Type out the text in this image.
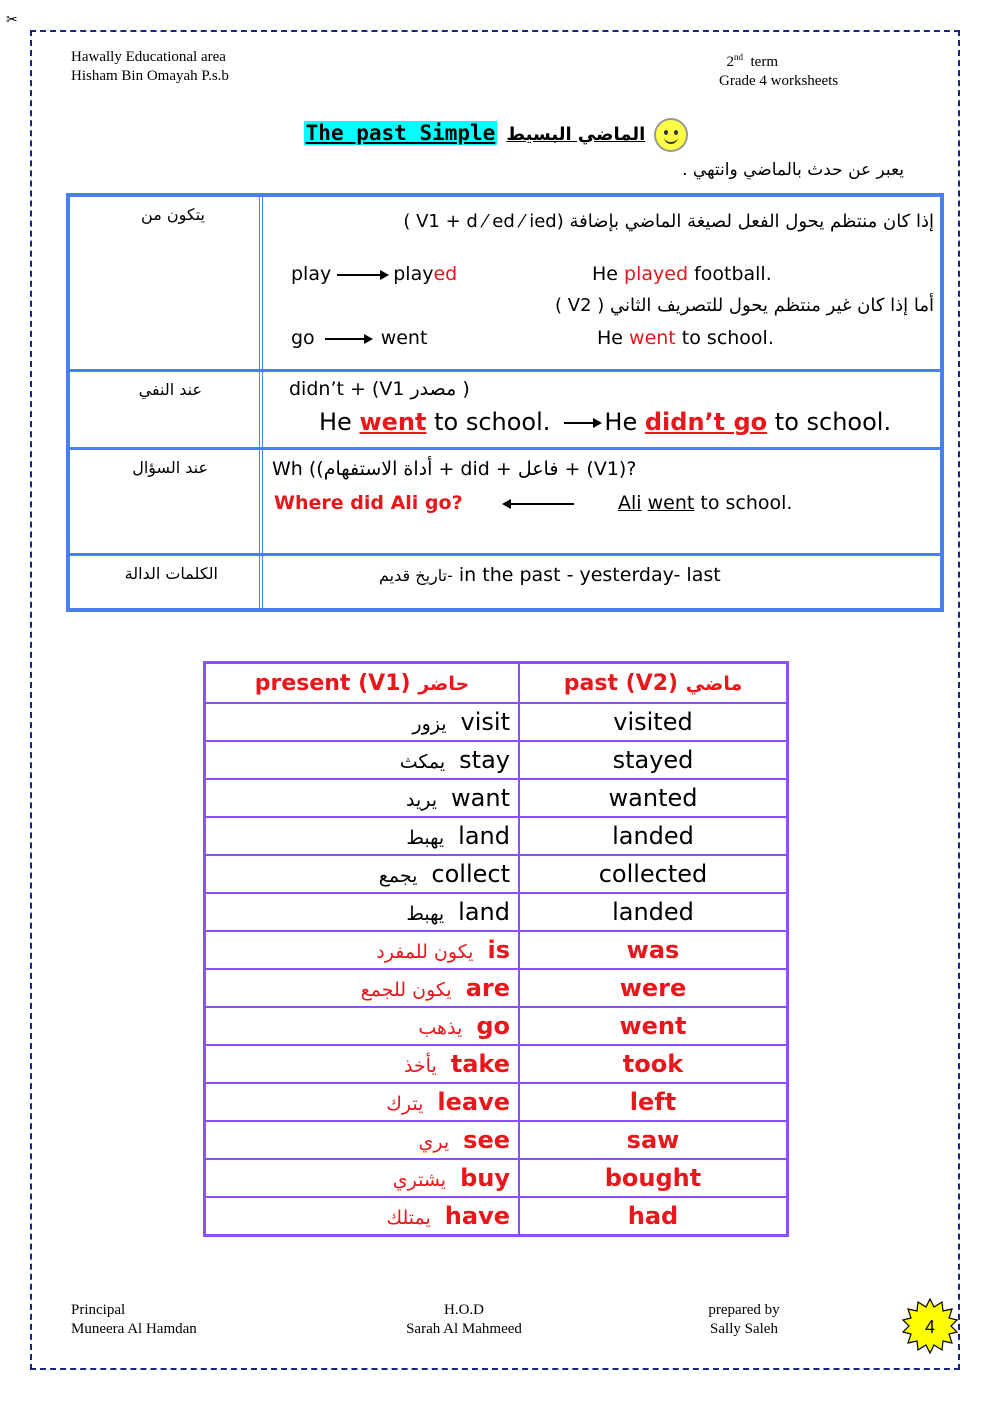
✂
Hawally Educational area
Hisham Bin Omayah P.s.b
2nd term
Grade 4 worksheets
The past Simple الماضي البسيط
يعبر عن حدث بالماضي وانتهي .
يتكون من	إذا كان منتظم يحول الفعل لصيغة الماضي بإضافة (V1 + d ⁄ ed ⁄ ied )
play	played	He played football.
أما إذا كان غير منتظم يحول للتصريف الثاني ( V2 )
go	went	He went to school.
عند النفي	didn’t + (V1 مصدر )
He went to school. He didn’t go to school.
عند السؤال	Wh ((أداة الاستفهام + did + فاعل + (V1)?
Where did Ali go?	Ali went to school.
الكلمات الدالة	تاريخ قديم- in the past - yesterday- last
present (V1) حاضر	past (V2) ماضي
يزور visit	visited
يمكث stay	stayed
يريد want	wanted
يهبط land	landed
يجمع collect	collected
يهبط land	landed
يكون للمفرد is	was
يكون للجمع are	were
يذهب go	went
يأخذ take	took
يترك leave	left
يري see	saw
يشتري buy	bought
يمتلك have	had
Principal
Muneera Al Hamdan
H.O.D
Sarah Al Mahmeed
prepared by
Sally Saleh	4
